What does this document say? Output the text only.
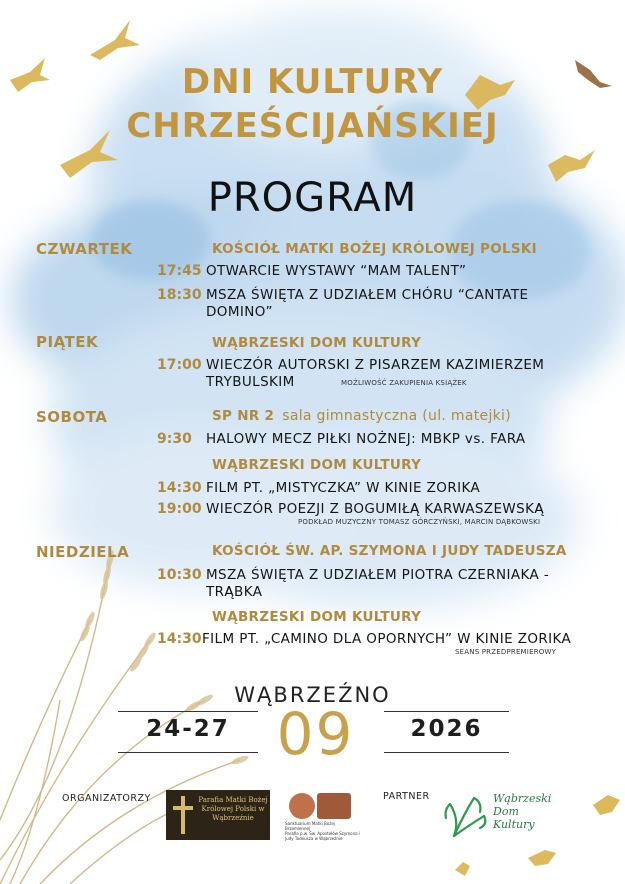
DNI KULTURY
CHRZEŚCIJAŃSKIEJ
PROGRAM
CZWARTEK	KOŚCIÓŁ MATKI BOŻEJ KRÓLOWEJ POLSKI
17:45 OTWARCIE WYSTAWY “MAM TALENT”
18:30 MSZA ŚWIĘTA Z UDZIAŁEM CHÓRU “CANTATE
DOMINO”
PIĄTEK	WĄBRZESKI DOM KULTURY
17:00 WIECZÓR AUTORSKI Z PISARZEM KAZIMIERZEM
TRYBULSKIM	MOŻLIWOŚĆ ZAKUPIENIA KSIĄŻEK
SOBOTA	SP NR 2 sala gimnastyczna (ul. matejki)
9:30 HALOWY MECZ PIŁKI NOŻNEJ: MBKP vs. FARA
WĄBRZESKI DOM KULTURY
14:30 FILM PT. „MISTYCZKA” W KINIE ZORIKA
19:00 WIECZÓR POEZJI Z BOGUMIŁĄ KARWASZEWSKĄ
PODKŁAD MUZYCZNY TOMASZ GÓRCZYŃSKI, MARCIN DĄBKOWSKI
NIEDZIELA	KOŚCIÓŁ ŚW. AP. SZYMONA I JUDY TADEUSZA
10:30 MSZA ŚWIĘTA Z UDZIAŁEM PIOTRA CZERNIAKA -
TRĄBKA
WĄBRZESKI DOM KULTURY
14:30 FILM PT. „CAMINO DLA OPORNYCH” W KINIE ZORIKA
SEANS PRZEDPREMIEROWY
WĄBRZEŹNO
24-27 09	2026
ORGANIZATORZY	Parafia Matki Bożej Królowej Polski w Wąbrzeźnie
Sanktuarium Matki Bożej Brzemiennej
Parafia p.w. Św. Apostołów Szymona i Judy Tadeusza w Wąbrzeźnie
PARTNER	Wąbrzeski
Dom
Kultury
